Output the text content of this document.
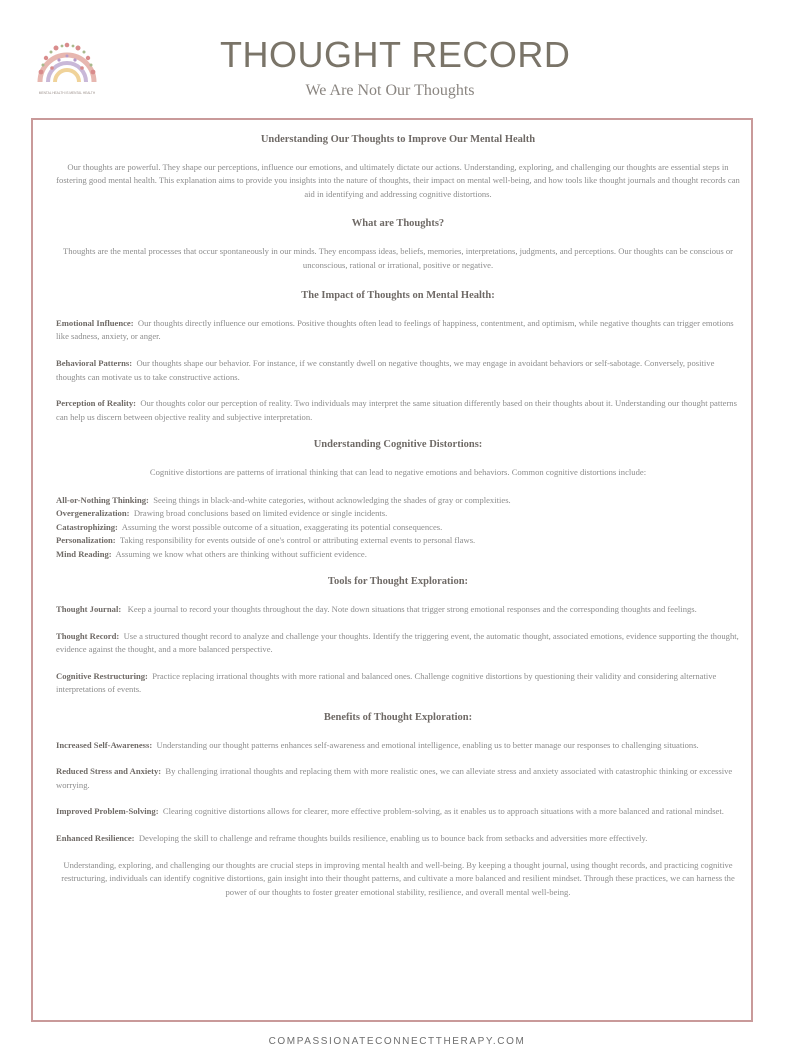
MENTAL HEALTH IS MENTAL HEALTH
THOUGHT RECORD
We Are Not Our Thoughts
Understanding Our Thoughts to Improve Our Mental Health

Our thoughts are powerful. They shape our perceptions, influence our emotions, and ultimately dictate our actions. Understanding, exploring, and challenging our thoughts are essential steps in fostering good mental health. This explanation aims to provide you insights into the nature of thoughts, their impact on mental well-being, and how tools like thought journals and thought records can aid in identifying and addressing cognitive distortions.

What are Thoughts?

Thoughts are the mental processes that occur spontaneously in our minds. They encompass ideas, beliefs, memories, interpretations, judgments, and perceptions. Our thoughts can be conscious or unconscious, rational or irrational, positive or negative.

The Impact of Thoughts on Mental Health:

Emotional Influence: Our thoughts directly influence our emotions. Positive thoughts often lead to feelings of happiness, contentment, and optimism, while negative thoughts can trigger emotions like sadness, anxiety, or anger.

Behavioral Patterns: Our thoughts shape our behavior. For instance, if we constantly dwell on negative thoughts, we may engage in avoidant behaviors or self-sabotage. Conversely, positive thoughts can motivate us to take constructive actions.

Perception of Reality: Our thoughts color our perception of reality. Two individuals may interpret the same situation differently based on their thoughts about it. Understanding our thought patterns can help us discern between objective reality and subjective interpretation.

Understanding Cognitive Distortions:

Cognitive distortions are patterns of irrational thinking that can lead to negative emotions and behaviors. Common cognitive distortions include:

All-or-Nothing Thinking: Seeing things in black-and-white categories, without acknowledging the shades of gray or complexities.

Overgeneralization: Drawing broad conclusions based on limited evidence or single incidents.

Catastrophizing: Assuming the worst possible outcome of a situation, exaggerating its potential consequences.

Personalization: Taking responsibility for events outside of one's control or attributing external events to personal flaws.

Mind Reading: Assuming we know what others are thinking without sufficient evidence.

Tools for Thought Exploration:

Thought Journal: Keep a journal to record your thoughts throughout the day. Note down situations that trigger strong emotional responses and the corresponding thoughts and feelings.

Thought Record: Use a structured thought record to analyze and challenge your thoughts. Identify the triggering event, the automatic thought, associated emotions, evidence supporting the thought, evidence against the thought, and a more balanced perspective.

Cognitive Restructuring: Practice replacing irrational thoughts with more rational and balanced ones. Challenge cognitive distortions by questioning their validity and considering alternative interpretations of events.

Benefits of Thought Exploration:

Increased Self-Awareness: Understanding our thought patterns enhances self-awareness and emotional intelligence, enabling us to better manage our responses to challenging situations.

Reduced Stress and Anxiety: By challenging irrational thoughts and replacing them with more realistic ones, we can alleviate stress and anxiety associated with catastrophic thinking or excessive worrying.

Improved Problem-Solving: Clearing cognitive distortions allows for clearer, more effective problem-solving, as it enables us to approach situations with a more balanced and rational mindset.

Enhanced Resilience: Developing the skill to challenge and reframe thoughts builds resilience, enabling us to bounce back from setbacks and adversities more effectively.

Understanding, exploring, and challenging our thoughts are crucial steps in improving mental health and well-being. By keeping a thought journal, using thought records, and practicing cognitive restructuring, individuals can identify cognitive distortions, gain insight into their thought patterns, and cultivate a more balanced and resilient mindset. Through these practices, we can harness the power of our thoughts to foster greater emotional stability, resilience, and overall mental well-being.

COMPASSIONATECONNECTTHERAPY.COM
